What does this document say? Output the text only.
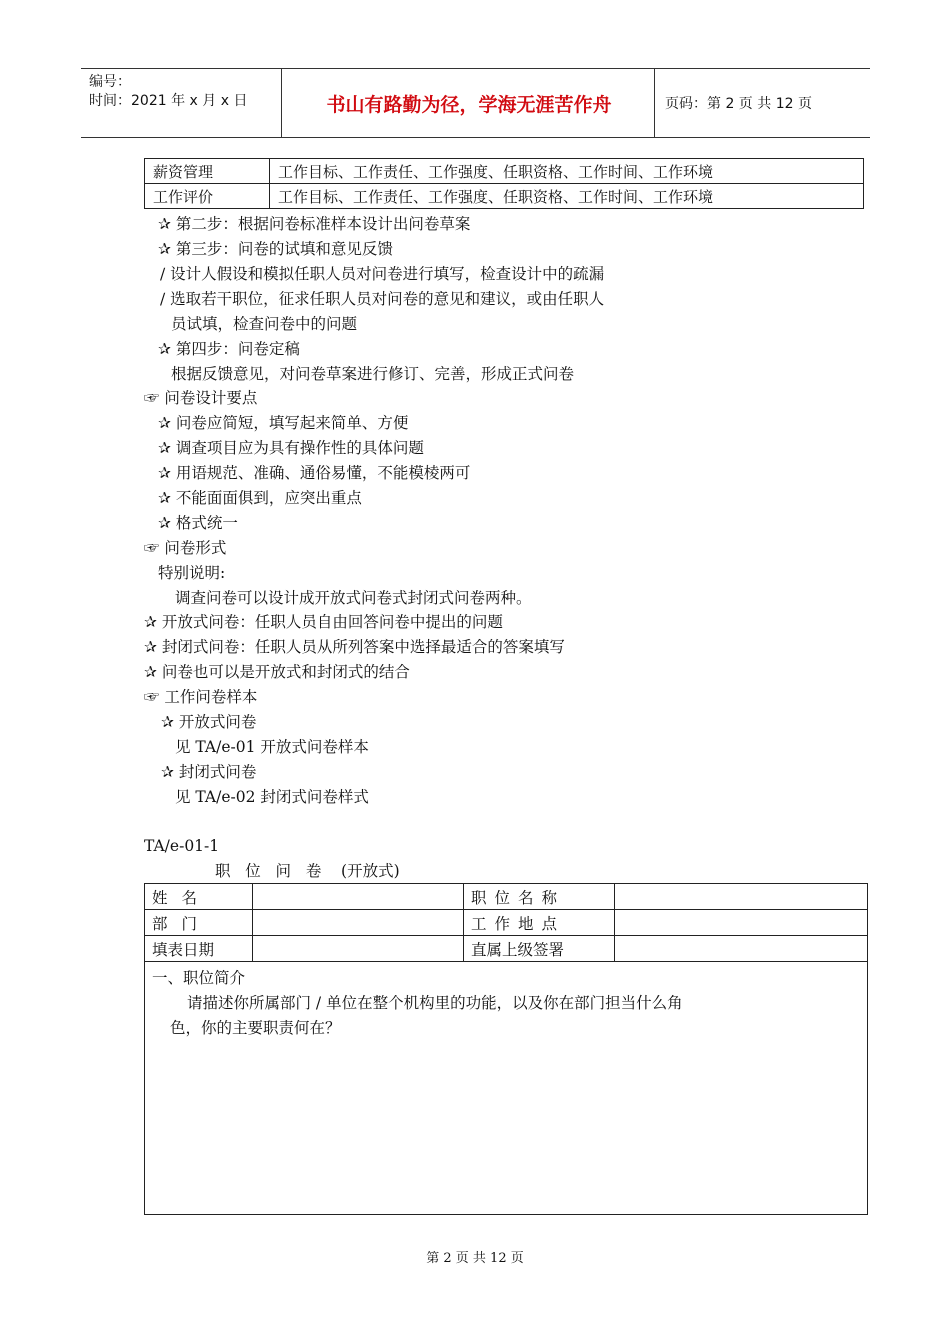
编号：
时间：2021 年 x 月 x 日	书山有路勤为径，学海无涯苦作舟	页码：第 2 页 共 12 页
薪资管理	工作目标、工作责任、工作强度、任职资格、工作时间、工作环境
工作评价	工作目标、工作责任、工作强度、任职资格、工作时间、工作环境
✰ 第二步：根据问卷标准样本设计出问卷草案
✰ 第三步：问卷的试填和意见反馈
∕ 设计人假设和模拟任职人员对问卷进行填写，检查设计中的疏漏
∕ 选取若干职位，征求任职人员对问卷的意见和建议，或由任职人
员试填，检查问卷中的问题
✰ 第四步：问卷定稿
根据反馈意见，对问卷草案进行修订、完善，形成正式问卷
☞ 问卷设计要点
✰ 问卷应简短，填写起来简单、方便
✰ 调查项目应为具有操作性的具体问题
✰ 用语规范、准确、通俗易懂，不能模棱两可
✰ 不能面面俱到，应突出重点
✰ 格式统一
☞ 问卷形式
特别说明:
调查问卷可以设计成开放式问卷式封闭式问卷两种。
✰ 开放式问卷：任职人员自由回答问卷中提出的问题
✰ 封闭式问卷：任职人员从所列答案中选择最适合的答案填写
✰ 问卷也可以是开放式和封闭式的结合
☞ 工作问卷样本
✰ 开放式问卷
见 TA/e-01 开放式问卷样本
✰ 封闭式问卷
见 TA/e-02 封闭式问卷样式
TA/e-01-1
职   位   问   卷    (开放式)
姓名		职位名称	
部门		工作地点	
填表日期		直属上级签署	

一、职位简介
请描述你所属部门 / 单位在整个机构里的功能，以及你在部门担当什么角
色，你的主要职责何在？			
第 2 页 共 12 页
